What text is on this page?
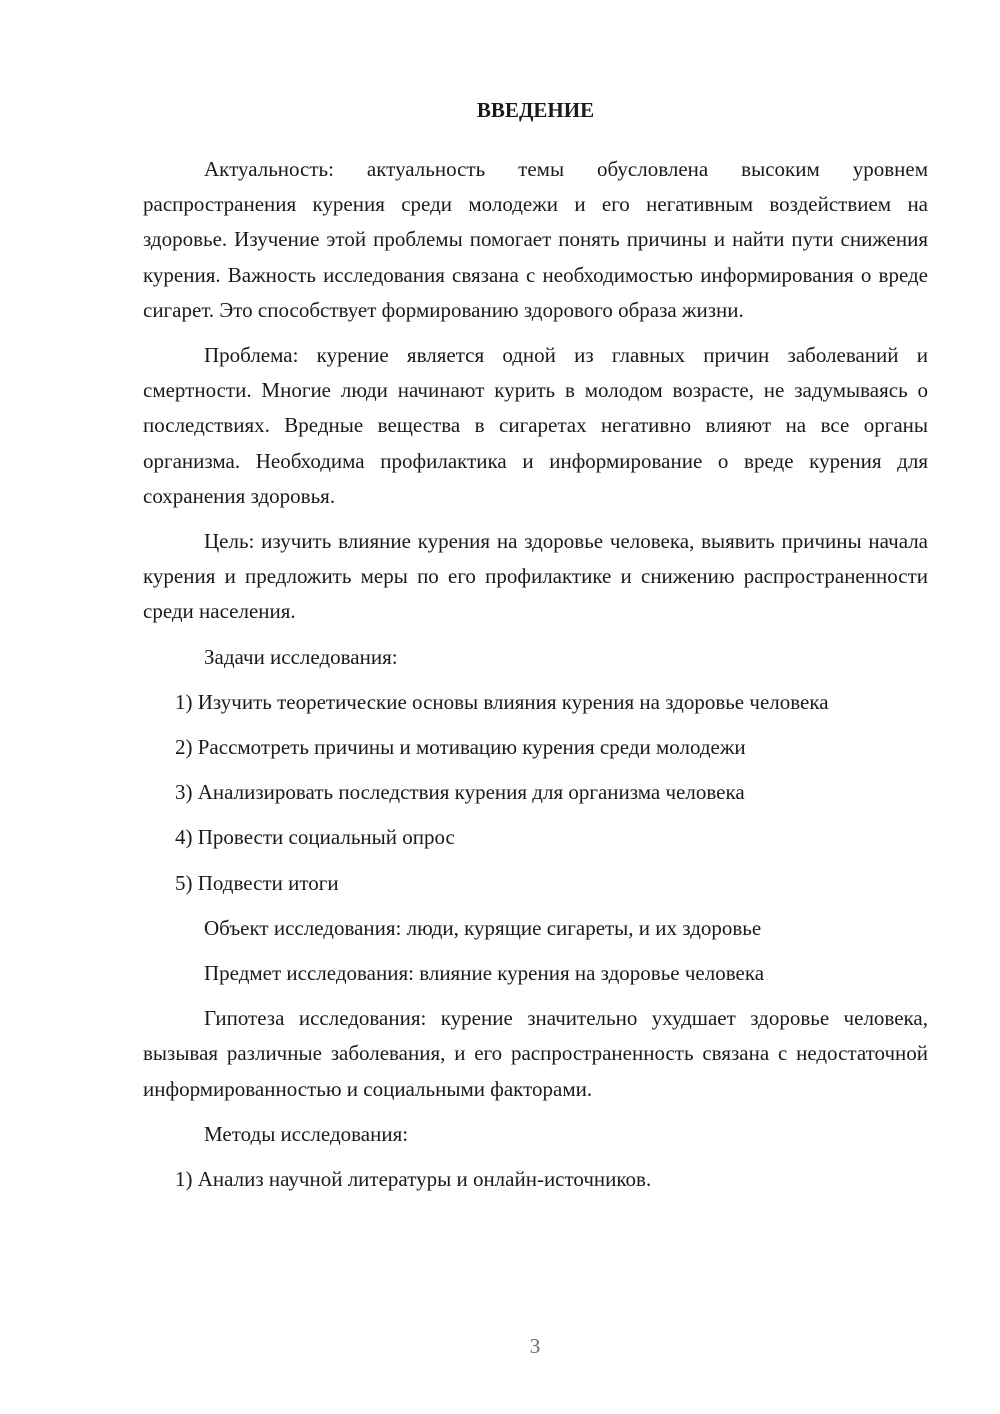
ВВЕДЕНИЕ

Актуальность: актуальность темы обусловлена высоким уровнем распространения курения среди молодежи и его негативным воздействием на здоровье. Изучение этой проблемы помогает понять причины и найти пути снижения курения. Важность исследования связана с необходимостью информирования о вреде сигарет. Это способствует формированию здорового образа жизни.

Проблема: курение является одной из главных причин заболеваний и смертности. Многие люди начинают курить в молодом возрасте, не задумываясь о последствиях. Вредные вещества в сигаретах негативно влияют на все органы организма. Необходима профилактика и информирование о вреде курения для сохранения здоровья.

Цель: изучить влияние курения на здоровье человека, выявить причины начала курения и предложить меры по его профилактике и снижению распространенности среди населения.

Задачи исследования:

1) Изучить теоретические основы влияния курения на здоровье человека

2) Рассмотреть причины и мотивацию курения среди молодежи

3) Анализировать последствия курения для организма человека

4) Провести социальный опрос

5) Подвести итоги

Объект исследования: люди, курящие сигареты, и их здоровье

Предмет исследования: влияние курения на здоровье человека

Гипотеза исследования: курение значительно ухудшает здоровье человека, вызывая различные заболевания, и его распространенность связана с недостаточной информированностью и социальными факторами.

Методы исследования:

1) Анализ научной литературы и онлайн-источников.

3
